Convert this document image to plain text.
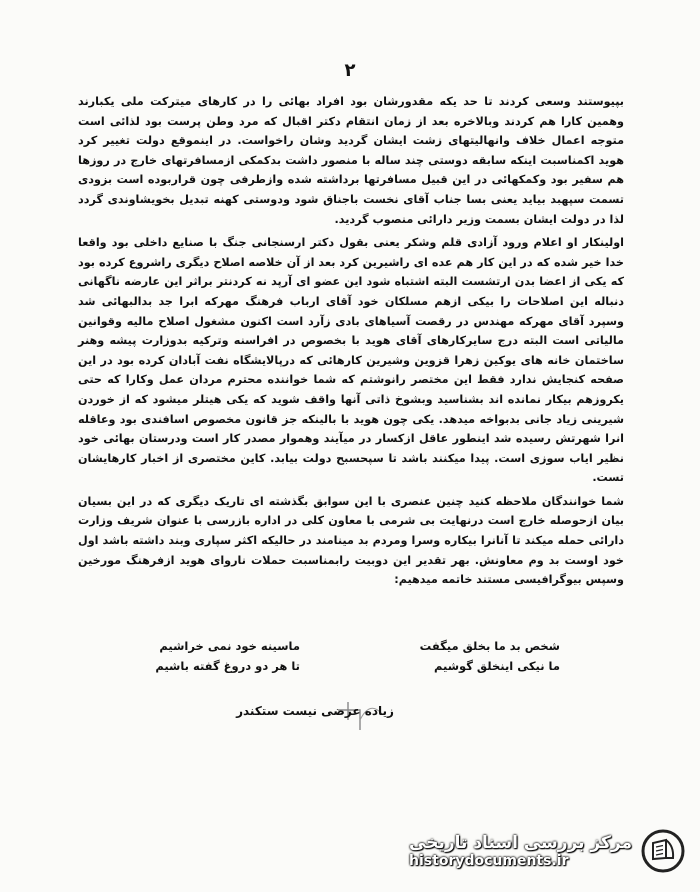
۲

بپیوستند وسعی کردند تا حد یکه مقدورشان بود افراد بهائی را در کارهای میترکت ملی یکبارند وهمین کارا هم کردند وبالاخره بعد از زمان انتقام دکتر اقبال که مرد وطن پرست بود لذائی است متوجه اعمال خلاف وانهالیتهای زشت ایشان گردید وشان راخواست. در اینموقع دولت تغییر کرد هوید اکمناسبت اینکه سابقه دوستی چند ساله با منصور داشت بدکمکی ازمسافرتهای خارج در روزها هم سفیر بود وکمکهائی در این قبیل مسافرتها برداشته شده وازطرفی چون قراربوده است بزودی تسمت سپهبد بیاید یعنی بسا جناب آقای نخست باجناق شود ودوستی کهنه تبدیل بخویشاوندی گردد لذا در دولت ایشان بسمت وزیر دارائی منصوب گردید.

اولینکار او اعلام ورود آزادی قلم وشکر یعنی بقول دکتر ارسنجانی جنگ با صنایع داخلی بود واقعا خدا خیر شده که در این کار هم عده ای راشیرین کرد بعد از آن خلاصه اصلاح دیگری راشروع کرده بود که یکی از اعضا بدن ارتشست البته اشتباه شود این عضو ای آرپد نه کردنتر براثر این عارضه ناگهانی دنباله این اصلاحات را بیکی ازهم مسلکان خود آقای ارباب فرهنگ مهرکه ابرا جد بدالبهائی شد وسپرد آقای مهرکه مهندس در رقصت آسیاهای بادی زآرد است اکنون مشغول اصلاح مالیه وقوانین مالیاتی است البته درج سایرکارهای آقای هوید با بخصوص در افراسنه وترکیه بدوزارت پیشه وهنر ساختمان خانه های یوکین زهرا قزوین وشیرین کارهائی که درپالایشگاه نفت آبادان کرده بود در این صفحه کنجایش ندارد فقط این مختصر رانوشتم که شما خواننده محترم مردان عمل وکارا که حتی یکروزهم بیکار نمانده اند بشناسید وبشوخ ذاتی آنها واقف شوید که یکی هیتلر میشود که از خوردن شیرینی زیاد جانی بدبواخه میدهد. یکی چون هوید با بالینکه جز قانون مخصوص اسافندی بود وعاقله انرا شهرتش رسیده شد اینطور عاقل ازکسار در میآیند وهموار مصدر کار است ودرستان بهائی خود نظیر ایاب سوزی است. پیدا میکنند باشد تا سپحسبح دولت بیابد. کاین مختصری از اخبار کارهایشان تست.

شما خوانندگان ملاحظه کنید چنین عنصری با این سوابق بگذشته ای تاریک دیگری که در این بسیان بیان ازحوصله خارج است درنهایت بی شرمی با معاون کلی در اداره بازرسی با عنوان شریف وزارت دارائی حمله میکند تا آنانرا بیکاره وسرا ومردم بد مینامند در حالیکه اکثر سپاری وبند داشته باشد اول خود اوست بد وم معاونش. بهر تقدیر این دوبیت رابمناسبت حملات ناروای هوید ازفرهنگ مورخین وسپس بیوگرافیسی مستند خاتمه میدهیم:

شخص بد ما بخلق میگفت
ما نیکی اینخلق گوشیم
ماسینه خود نمی خراشیم
تا هر دو دروغ گفته باشیم
زیاده عرضی نیست ستکندر
مرکز بررسی اسناد تاریخی
historydocuments.ir
